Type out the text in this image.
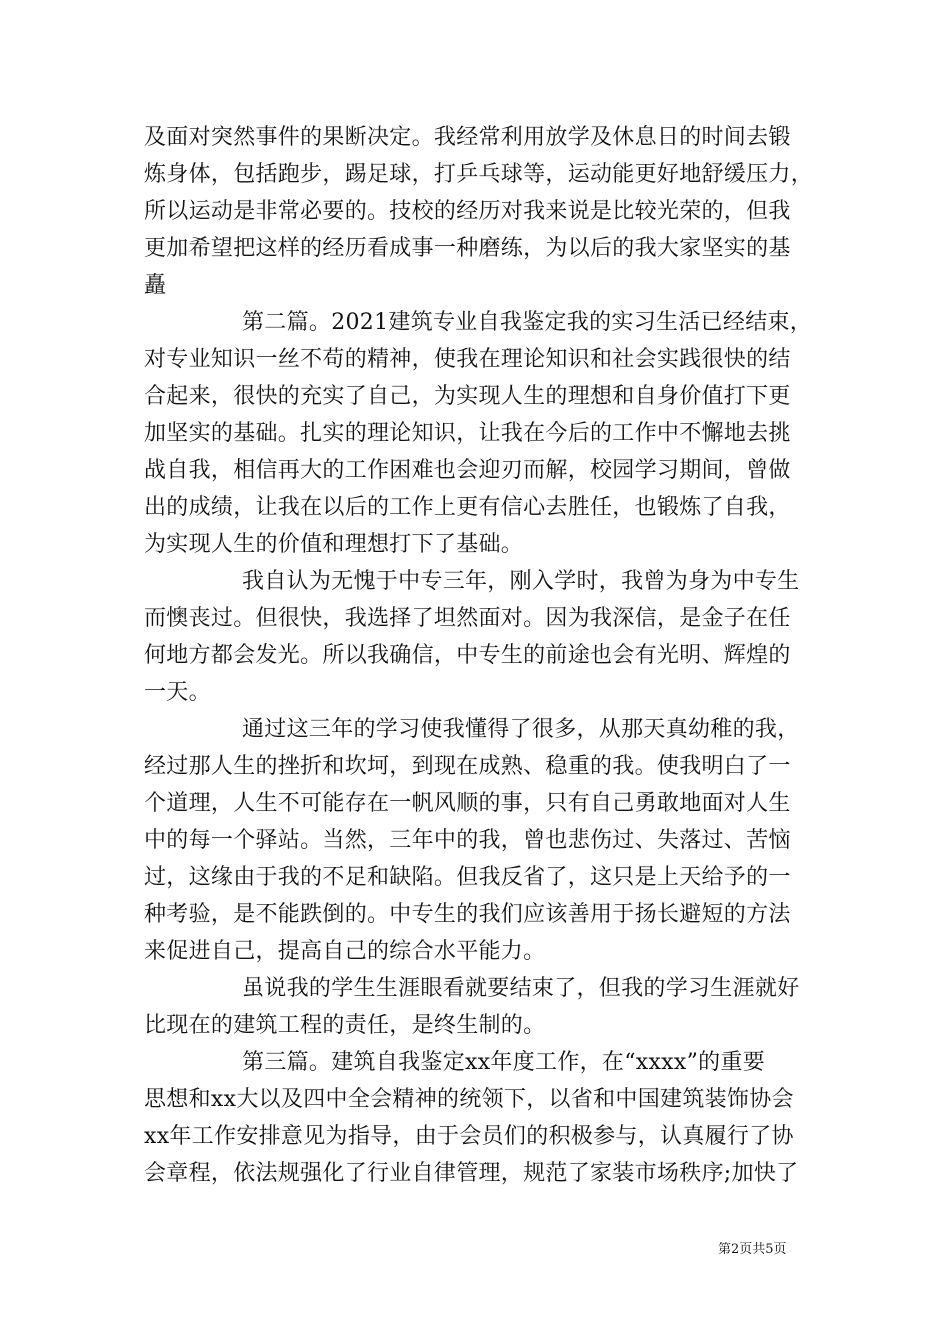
及面对突然事件的果断决定。我经常利用放学及休息日的时间去锻
炼身体，包括跑步，踢足球，打乒乓球等，运动能更好地舒缓压力，
所以运动是非常必要的。技校的经历对我来说是比较光荣的，但我
更加希望把这样的经历看成事一种磨练，为以后的我大家坚实的基
矗
第二篇。2021建筑专业自我鉴定我的实习生活已经结束，
对专业知识一丝不苟的精神，使我在理论知识和社会实践很快的结
合起来，很快的充实了自己，为实现人生的理想和自身价值打下更
加坚实的基础。扎实的理论知识，让我在今后的工作中不懈地去挑
战自我，相信再大的工作困难也会迎刃而解，校园学习期间，曾做
出的成绩，让我在以后的工作上更有信心去胜任，也锻炼了自我，
为实现人生的价值和理想打下了基础。
我自认为无愧于中专三年，刚入学时，我曾为身为中专生
而懊丧过。但很快，我选择了坦然面对。因为我深信，是金子在任
何地方都会发光。所以我确信，中专生的前途也会有光明、辉煌的
一天。
通过这三年的学习使我懂得了很多，从那天真幼稚的我，
经过那人生的挫折和坎坷，到现在成熟、稳重的我。使我明白了一
个道理，人生不可能存在一帆风顺的事，只有自己勇敢地面对人生
中的每一个驿站。当然，三年中的我，曾也悲伤过、失落过、苦恼
过，这缘由于我的不足和缺陷。但我反省了，这只是上天给予的一
种考验，是不能跌倒的。中专生的我们应该善用于扬长避短的方法
来促进自己，提高自己的综合水平能力。
虽说我的学生生涯眼看就要结束了，但我的学习生涯就好
比现在的建筑工程的责任，是终生制的。
第三篇。建筑自我鉴定xx年度工作，在“xxxx”的重要
思想和xx大以及四中全会精神的统领下，以省和中国建筑装饰协会
xx年工作安排意见为指导，由于会员们的积极参与，认真履行了协
会章程，依法规强化了行业自律管理，规范了家装市场秩序;加快了
第2页共5页
